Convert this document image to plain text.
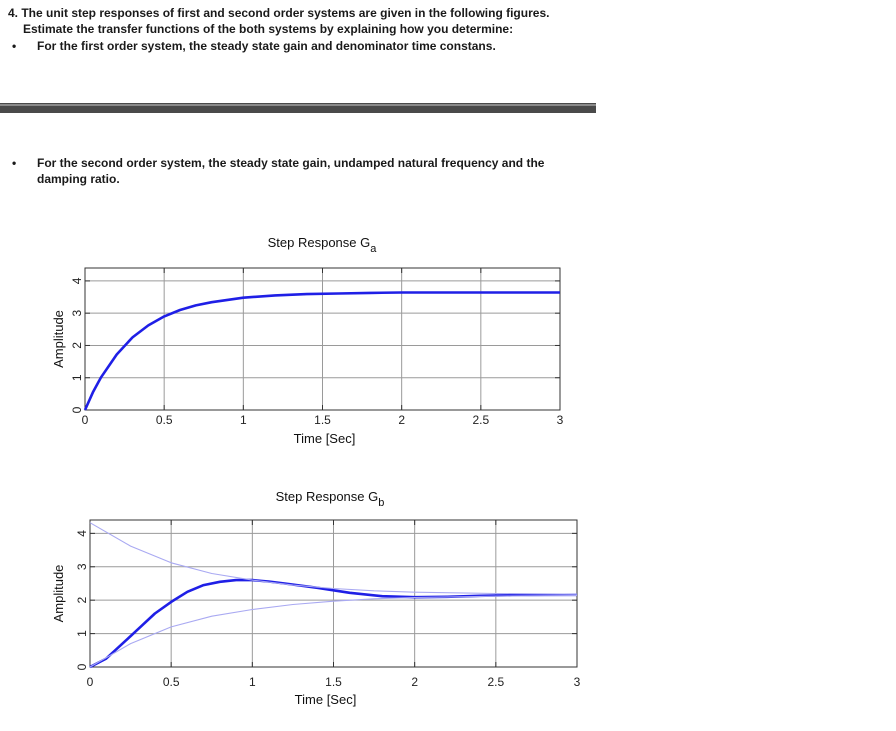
4. The unit step responses of first and second order systems are given in the following figures.
Estimate the transfer functions of the both systems by explaining how you determine:
• For the first order system, the steady state gain and denominator time constans.
• For the second order system, the steady state gain, undamped natural frequency and the damping ratio.
0	0.5	1	1.5	2	2.5	3
0
1
2
3
4
Step Response $G_a$
Time [Sec]
Amplitude
0	0.5	1	1.5	2	2.5	3
0
1
2
3
4
Step Response $G_b$
Time [Sec]
Amplitude
